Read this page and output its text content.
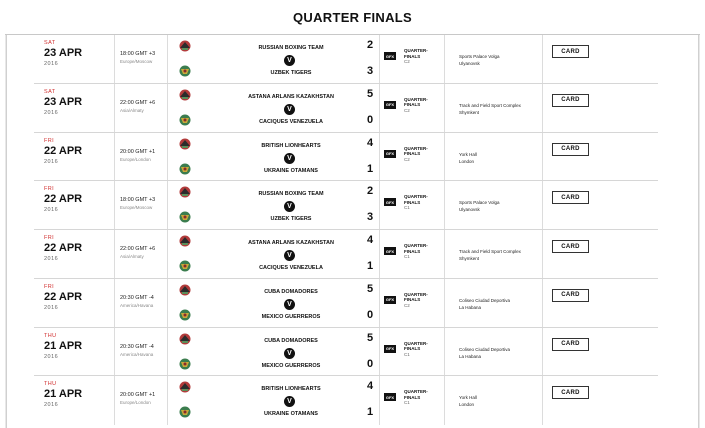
QUARTER FINALS
SAT
23 APR
2016
18:00 GMT +3
Europe/Moscow
RUSSIAN BOXING TEAM
V
UZBEK TIGERS
2
3
GFX
QUARTER-
FINALS
C2
Sports Palace Volga
Ulyanovsk
CARD
SAT
23 APR
2016
22:00 GMT +6
Asia/Almaty
ASTANA ARLANS KAZAKHSTAN
V
CACIQUES VENEZUELA
5
0
GFX
QUARTER-
FINALS
C2
Track and Field Sport Complex
Shymkent
CARD
FRI
22 APR
2016
20:00 GMT +1
Europe/London
BRITISH LIONHEARTS
V
UKRAINE OTAMANS
4
1
GFX
QUARTER-
FINALS
C2
York Hall
London
CARD
FRI
22 APR
2016
18:00 GMT +3
Europe/Moscow
RUSSIAN BOXING TEAM
V
UZBEK TIGERS
2
3
GFX
QUARTER-
FINALS
C1
Sports Palace Volga
Ulyanovsk
CARD
FRI
22 APR
2016
22:00 GMT +6
Asia/Almaty
ASTANA ARLANS KAZAKHSTAN
V
CACIQUES VENEZUELA
4
1
GFX
QUARTER-
FINALS
C1
Track and Field Sport Complex
Shymkent
CARD
FRI
22 APR
2016
20:30 GMT -4
America/Havana
CUBA DOMADORES
V
MEXICO GUERREROS
5
0
GFX
QUARTER-
FINALS
C2
Coliseo Ciudad Deportiva
La Habana
CARD
THU
21 APR
2016
20:30 GMT -4
America/Havana
CUBA DOMADORES
V
MEXICO GUERREROS
5
0
GFX
QUARTER-
FINALS
C1
Coliseo Ciudad Deportiva
La Habana
CARD
THU
21 APR
2016
20:00 GMT +1
Europe/London
BRITISH LIONHEARTS
V
UKRAINE OTAMANS
4
1
GFX
QUARTER-
FINALS
C1
York Hall
London
CARD
